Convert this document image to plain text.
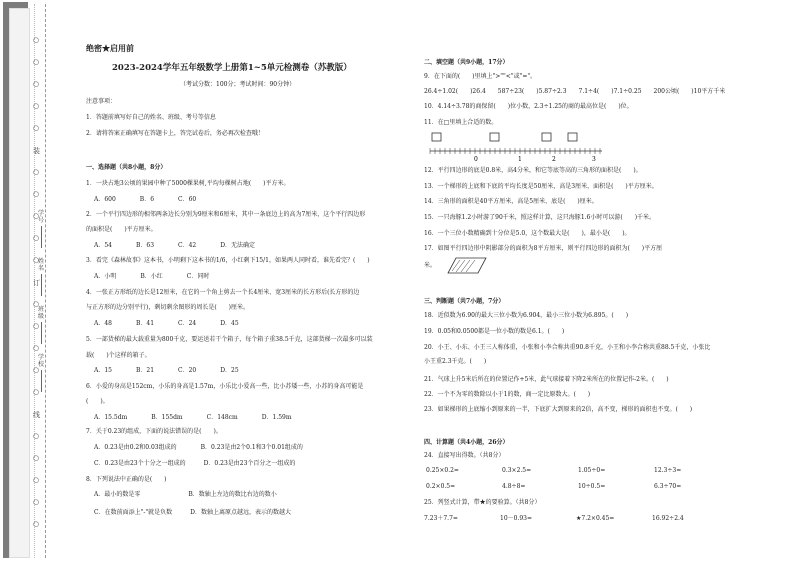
○
○
○
○
○
装
○
○
○
○
○
订
○
○
○
○
○
线
○
○
○
○
○
学号
姓名
班级
学校
绝密★启用前
2023-2024学年五年级数学上册第1~5单元检测卷（苏教版）
（考试分数：100分；考试时间：90分钟）
注意事项：
1．答题前填写好自己的姓名、班级、考号等信息
2．请将答案正确填写在答题卡上，答完试卷后，务必再次检查哦！
一、选择题（共8小题，8分）
1．一块占地3公顷的果园中种了5000棵果树,平均每棵树占地(　　)平方米。
A．600　　　　B．6　　　　C．60
2．一个平行四边形的相邻两条边长分别为9厘米和6厘米，其中一条底边上的高为7厘米，这个平行四边形
的面积是(　　)平方厘米。
A．54　　　　B．63　　　　C．42　　　　D．无法确定
3．看完《森林故事》这本书，小明剩下这本书的1/6，小红剩下15/1，如果两人同时看，谁先看完？(　　)
A．小明　　　　B．小红　　　　C．同时
4．一张正方形纸的边长是12厘米，在它的一个角上剪去一个长4厘米、宽3厘米的长方形后(长方形的边
与正方形的边分别平行)，剩切剩余图形的周长是(　　)厘米。
A．48　　　　B．41　　　　C．24　　　　D．45
5．一部货梯的最大载重量为800千克，要运送若干个箱子，每个箱子重38.5千克，这部货梯一次最多可以装
载(　　)个这样的箱子。
A．15　　　　B．21　　　　C．20　　　　D．25
6．小爱的身高是152cm，小乐的身高是1.57m，小乐比小爱高一些，比小苏矮一些，小苏的身高可能是
(　　)。
A．15.5dm　　　　B．155dm　　　　C．148cm　　　　D．1.59m
7．关于0.23的组成，下面的说法错误的是(　　)。
A．0.23是由0.2和0.03组成的　　　　B．0.23是由2个0.1和3个0.01组成的
C．0.23是由23个十分之一组成的　　　D．0.23是由23个百分之一组成的
8．下列说法中正确的是(　　)
A．最小的数是零　　　　　　　　B．数轴上左边的数比右边的数小
C．在数前面添上"-"就是负数　　　D．数轴上离原点越远，表示的数越大
二、填空题（共9小题，17分）
9．在下面的(　　)里填上">""<"或"="。
26.4÷1.02(　　)26.4　　587÷23(　　)5.87÷2.3　　7.1÷4(　　)7.1÷0.25　　200公顷(　　)10平方千米
10．4.14÷3.78的商保留(　　)位小数，2.3÷1.25的商的最高位是(　　)位。
11．在□里填上合适的数。
0	1	2	3
12．平行四边形的底是0.8米，高4分米，和它等底等高的三角形的面积是(　　)。
13．一个梯形的上底和下底的平均长度是50厘米，高是3厘米，面积是(　　)平方厘米。
14．三角形的面积是40平方厘米，高是5厘米，底是(　　)厘米。
15．一只海豚1.2小时游了90千米，照这样计算，这只海豚1.6小时可以游(　　)千米。
16．一个三位小数精确到十分位是5.0，这个数最大是(　　)，最小是(　　)。
17．如图平行四边形中阴影部分的面积为8平方厘米，则平行四边形的面积为(　　)平方厘
米。
三、判断题（共7小题，7分）
18．近似数为6.90的最大三位小数为6.904，最小三位小数为6.895。(　　)
19．0.05和0.0500都是一位小数的数是6.1。(　　)
20．小王、小东、小王三人称体重，小张和小李合称共重90.8千克，小王和小李合称共重88.5千克，小张比
小王重2.3千克。(　　)
21．气球上升5米后所在的位置记作+5米，此气球接着下降2米所在的位置记作-2米。(　　)
22．一个不为零的数除以小于1的数，商一定比原数大。(　　)
23．如果梯形的上底缩小到原来的一半，下底扩大到原来的2倍，高不变，梯形的面积也不变。(　　)
四、计算题（共4小题，26分）
24．直接写出得数。（共8分）
0.25×0.2=	0.3×2.5=	1.05÷0=	12.3÷3=
0.2×0.5=	4.8÷8=	10÷0.5=	6.3÷70=
25．列竖式计算，带★的要验算。（共8分）
7.23＋7.7=	10－0.93=	★7.2×0.45=	16.92÷2.4
